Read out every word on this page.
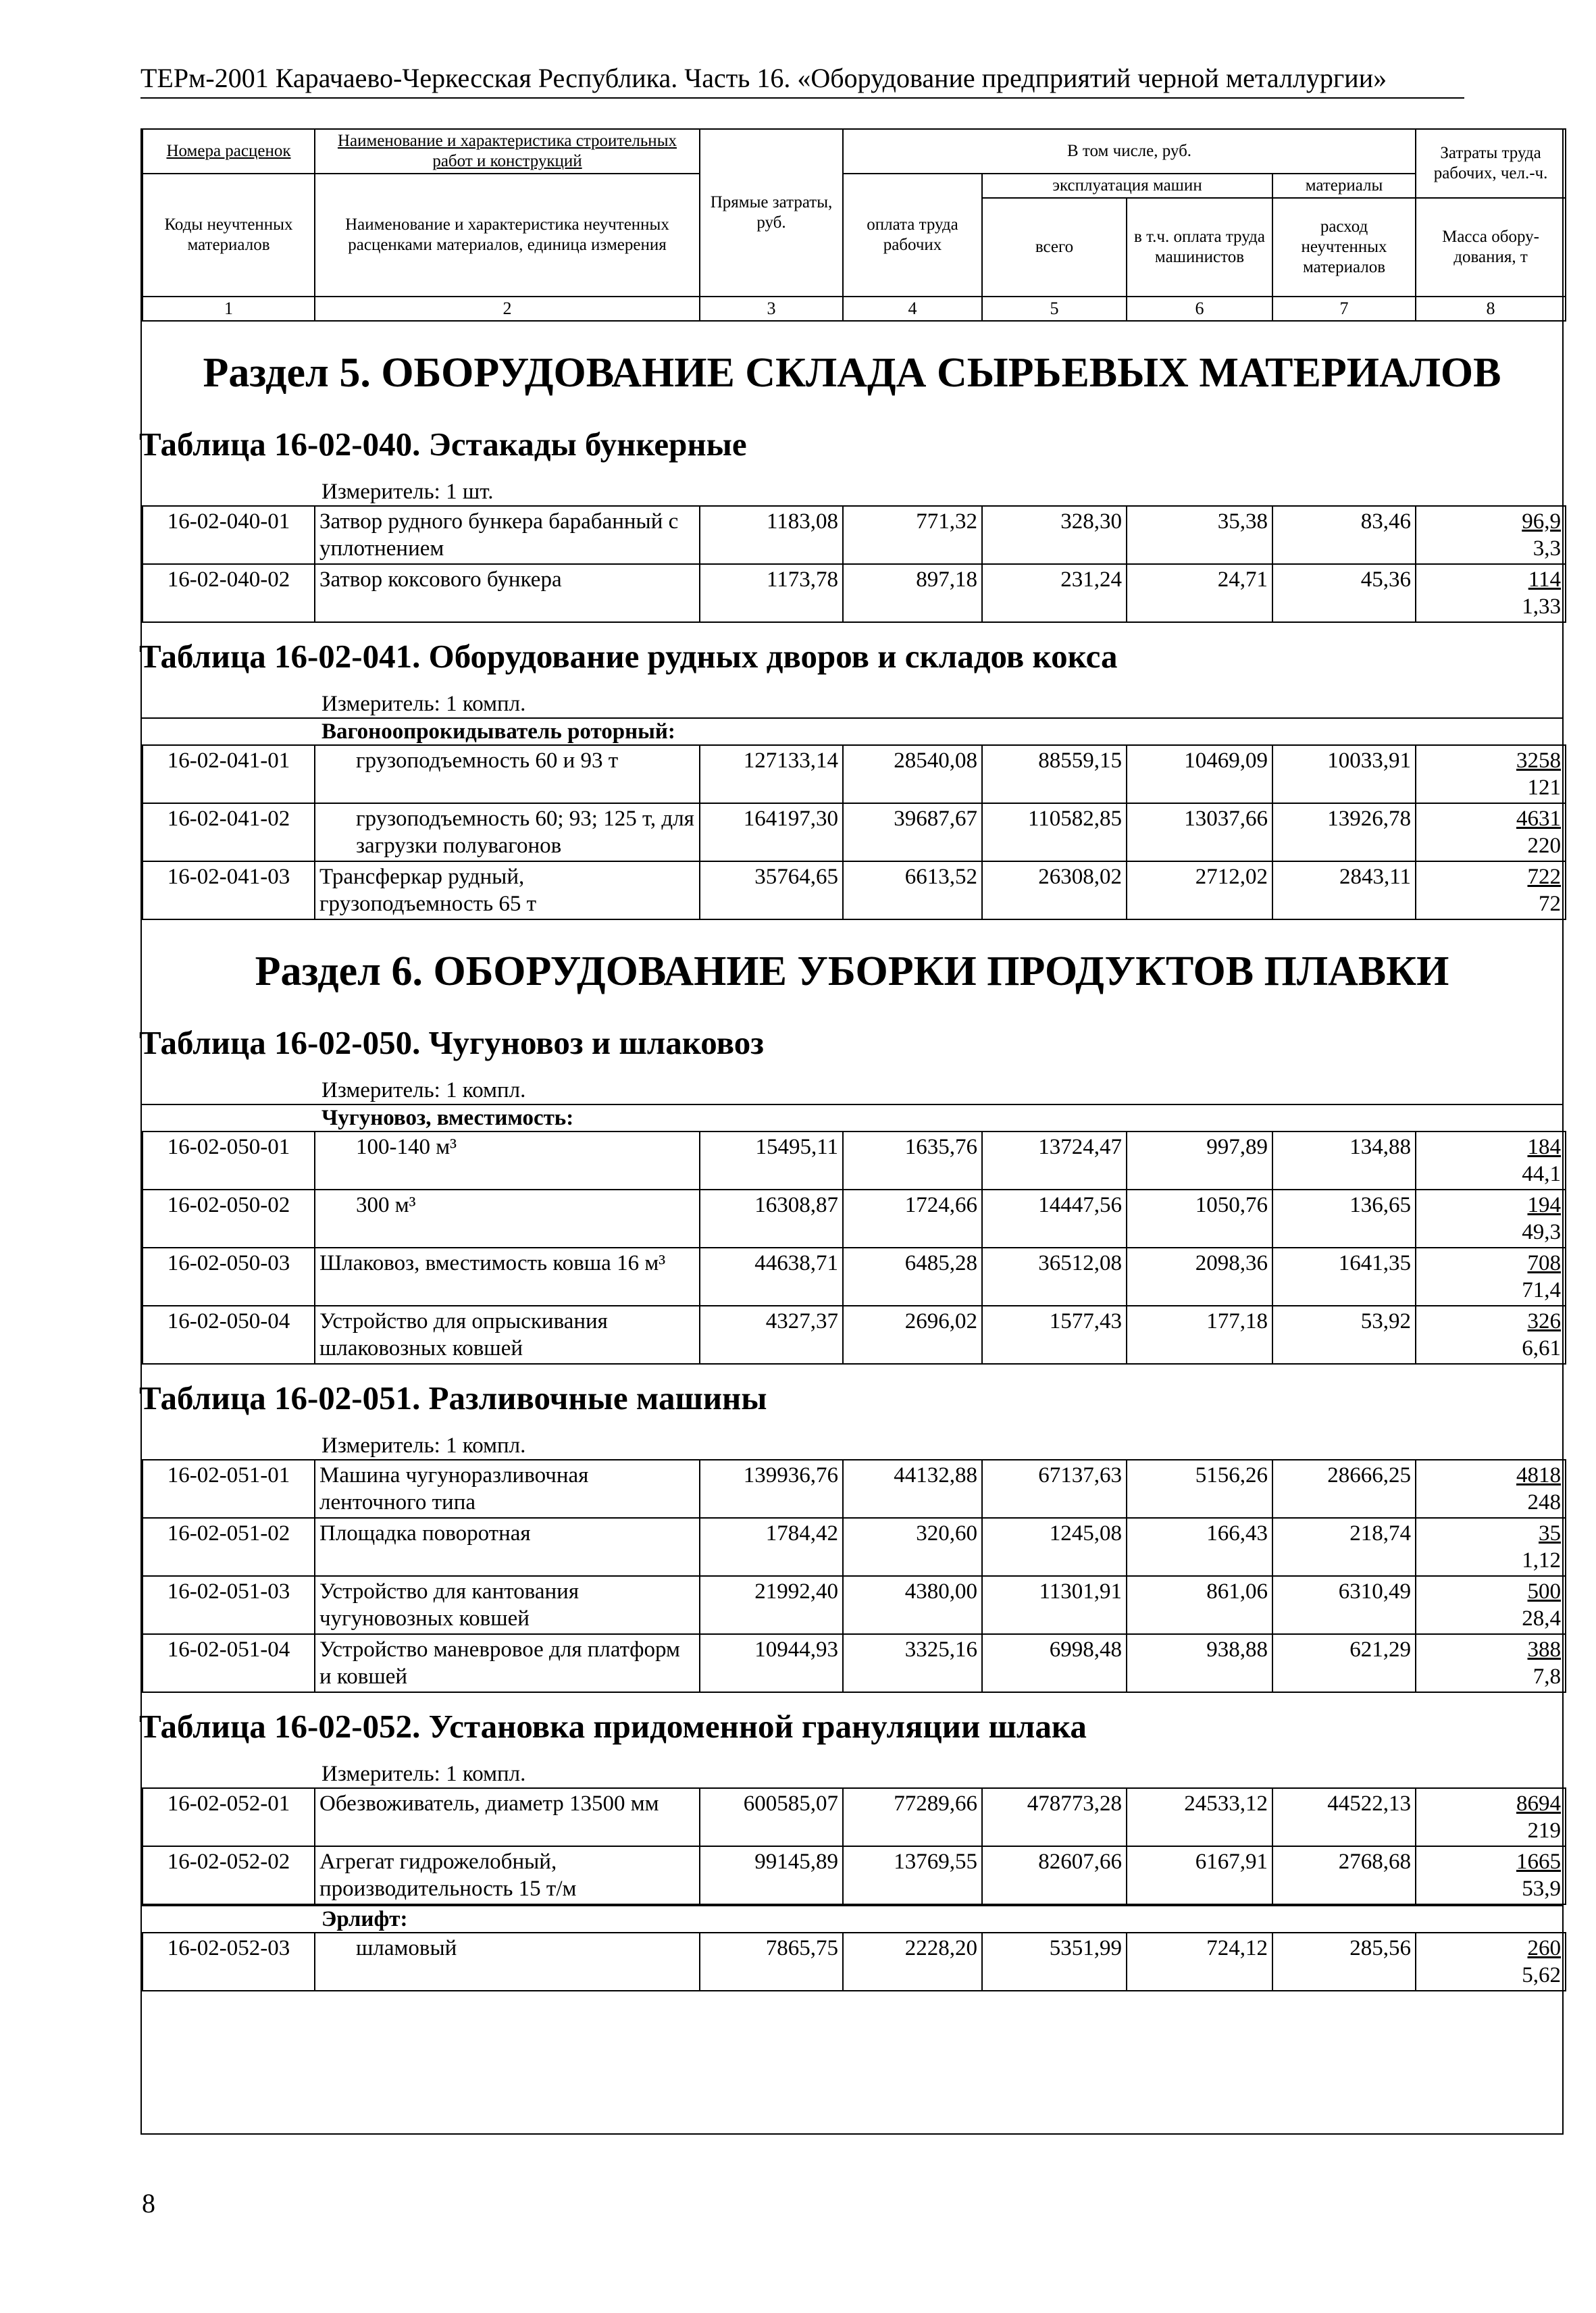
ТЕРм-2001 Карачаево-Черкесская Республика. Часть 16. «Оборудование предприятий черной металлургии»
Номера расценок	Наименование и характеристика строительных работ и конструкций	Прямые затраты, руб.	В том числе, руб.				Затраты труда рабочих, чел.-ч.
Коды неучтенных материалов	Наименование и характеристика неучтенных расценками материалов, единица измерения		оплата труда рабочих	эксплуатация машин		материалы	
				всего	в т.ч. оплата труда машинистов	расход неучтенных материалов	Масса обору-дования, т
1	2	3	4	5	6	7	8
Раздел 5. ОБОРУДОВАНИЕ СКЛАДА СЫРЬЕВЫХ МАТЕРИАЛОВ
Таблица 16-02-040. Эстакады бункерные
Измеритель: 1 шт.
16-02-040-01	Затвор рудного бункера барабанный с уплотнением	1183,08	771,32	328,30	35,38	83,46	96,9
3,3

16-02-040-02	Затвор коксового бункера	1173,78	897,18	231,24	24,71	45,36	114
1,33
Таблица 16-02-041. Оборудование рудных дворов и складов кокса
Измеритель: 1 компл.
Вагоноопрокидыватель роторный:
16-02-041-01	грузоподъемность 60 и 93 т	127133,14	28540,08	88559,15	10469,09	10033,91	3258
121

16-02-041-02	грузоподъемность 60; 93; 125 т, для загрузки полувагонов	164197,30	39687,67	110582,85	13037,66	13926,78	4631
220

16-02-041-03	Трансферкар рудный, грузоподъемность 65 т	35764,65	6613,52	26308,02	2712,02	2843,11	722
72
Раздел 6. ОБОРУДОВАНИЕ УБОРКИ ПРОДУКТОВ ПЛАВКИ
Таблица 16-02-050. Чугуновоз и шлаковоз
Измеритель: 1 компл.
Чугуновоз, вместимость:
16-02-050-01	100-140 м³	15495,11	1635,76	13724,47	997,89	134,88	184
44,1

16-02-050-02	300 м³	16308,87	1724,66	14447,56	1050,76	136,65	194
49,3

16-02-050-03	Шлаковоз, вместимость ковша 16 м³	44638,71	6485,28	36512,08	2098,36	1641,35	708
71,4

16-02-050-04	Устройство для опрыскивания шлаковозных ковшей	4327,37	2696,02	1577,43	177,18	53,92	326
6,61
Таблица 16-02-051. Разливочные машины
Измеритель: 1 компл.
16-02-051-01	Машина чугуноразливочная ленточного типа	139936,76	44132,88	67137,63	5156,26	28666,25	4818
248

16-02-051-02	Площадка поворотная	1784,42	320,60	1245,08	166,43	218,74	35
1,12

16-02-051-03	Устройство для кантования чугуновозных ковшей	21992,40	4380,00	11301,91	861,06	6310,49	500
28,4

16-02-051-04	Устройство маневровое для платформ и ковшей	10944,93	3325,16	6998,48	938,88	621,29	388
7,8
Таблица 16-02-052. Установка придоменной грануляции шлака
Измеритель: 1 компл.
16-02-052-01	Обезвоживатель, диаметр 13500 мм	600585,07	77289,66	478773,28	24533,12	44522,13	8694
219

16-02-052-02	Агрегат гидрожелобный, производительность 15 т/м	99145,89	13769,55	82607,66	6167,91	2768,68	1665
53,9
Эрлифт:
16-02-052-03	шламовый	7865,75	2228,20	5351,99	724,12	285,56	260
5,62
8
